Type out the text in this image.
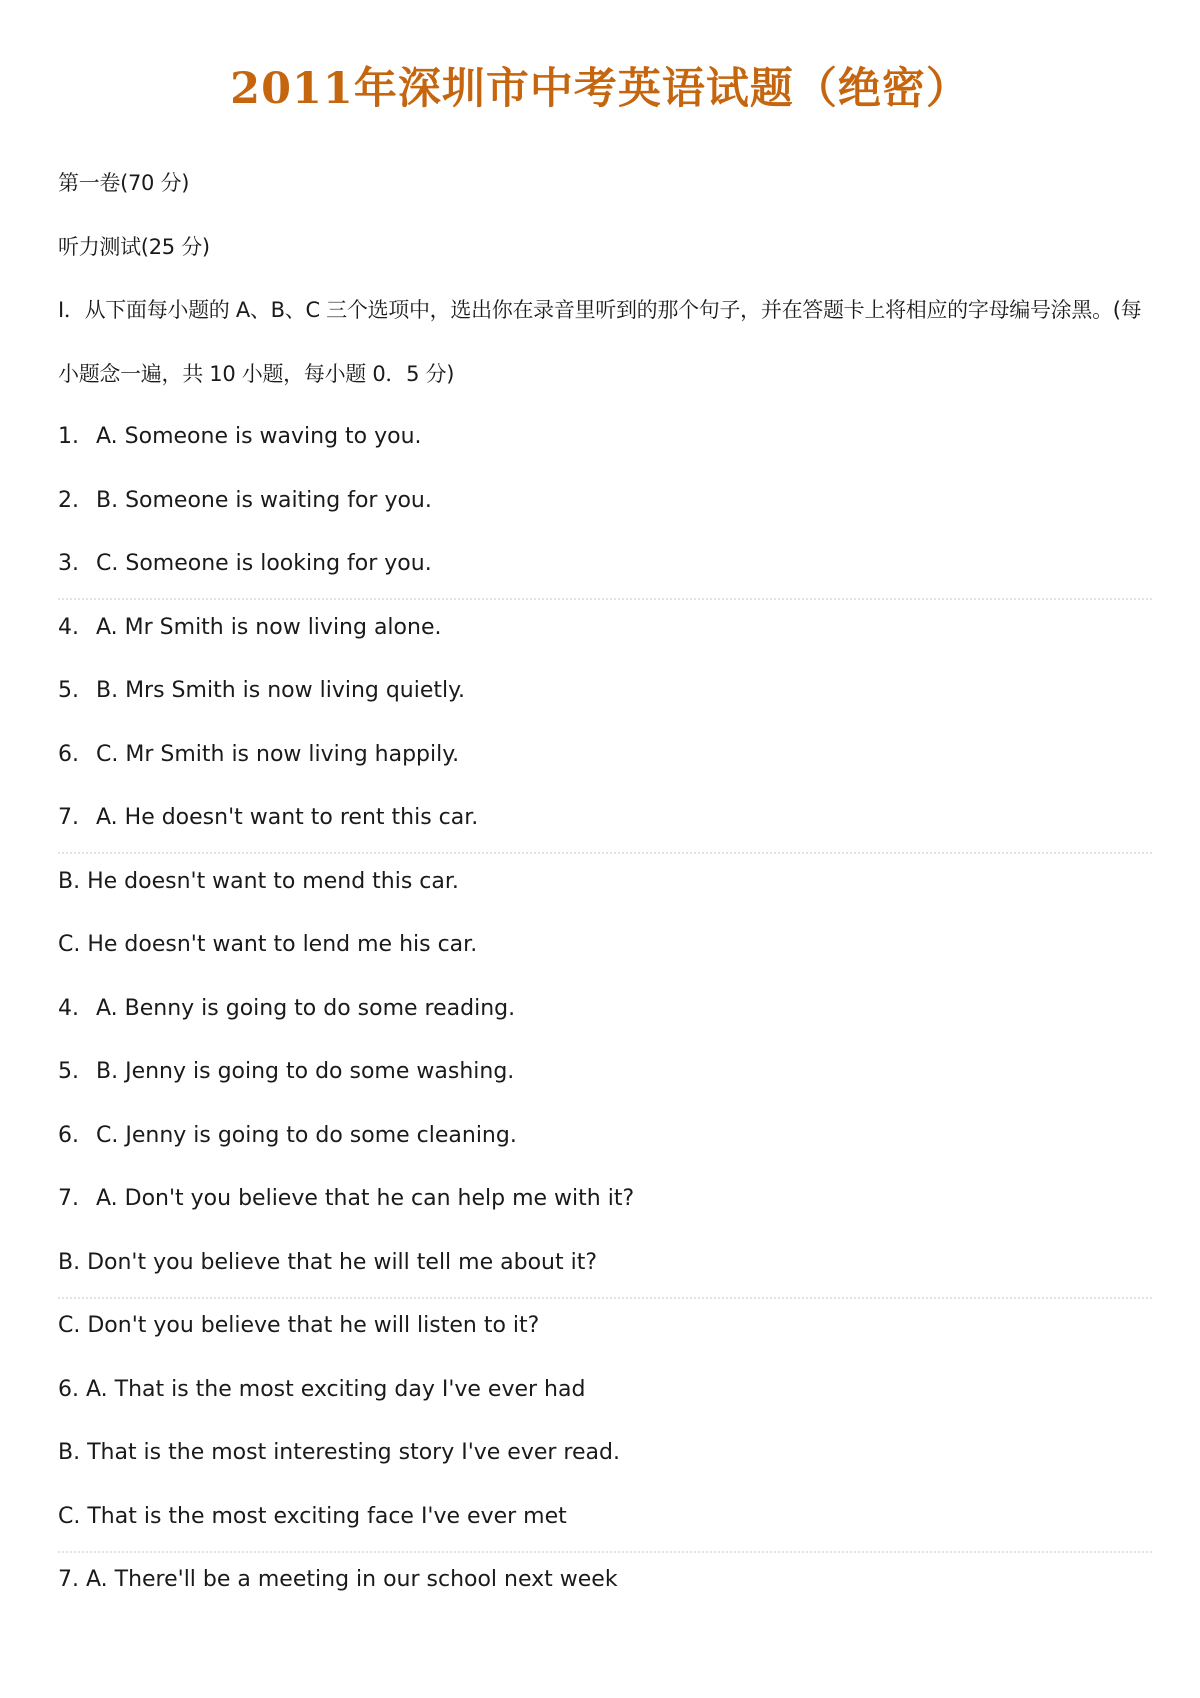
2011年深圳市中考英语试题（绝密）
第一卷(70 分)
听力测试(25 分)
I．从下面每小题的 A、B、C 三个选项中，选出你在录音里听到的那个句子，并在答题卡上将相应的字母编号涂黑。(每
小题念一遍，共 10 小题，每小题 0．5 分)
1. A. Someone is waving to you.
2. B. Someone is waiting for you.
3. C. Someone is looking for you.
4. A. Mr Smith is now living alone.
5. B. Mrs Smith is now living quietly.
6. C. Mr Smith is now living happily.
7. A. He doesn't want to rent this car.
B. He doesn't want to mend this car.
C. He doesn't want to lend me his car.
4. A. Benny is going to do some reading.
5. B. Jenny is going to do some washing.
6. C. Jenny is going to do some cleaning.
7. A. Don't you believe that he can help me with it?
B. Don't you believe that he will tell me about it?
C. Don't you believe that he will listen to it?
6. A. That is the most exciting day I've ever had
B. That is the most interesting story I've ever read.
C. That is the most exciting face I've ever met
7. A. There'll be a meeting in our school next week
